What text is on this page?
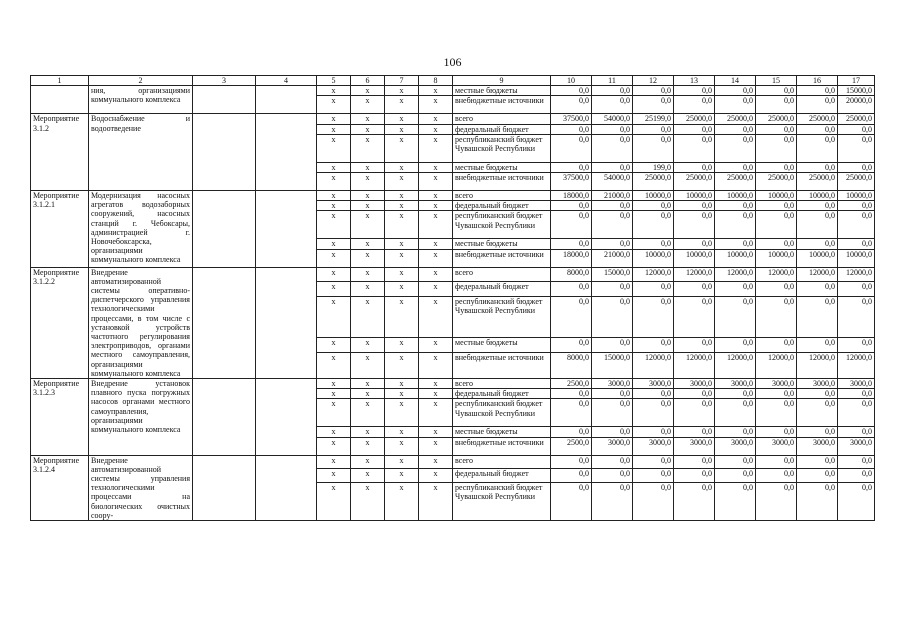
106
1	2	3	4	5	6	7	8	9	10	11	12	13	14	15	16	17
	ния, организациями коммунального комплекса			х	х	х	х	местные бюджеты	0,0	0,0	0,0	0,0	0,0	0,0	0,0	15000,0
				х	х	х	х	внебюджетные источники	0,0	0,0	0,0	0,0	0,0	0,0	0,0	20000,0
Мероприятие 3.1.2	Водоснабжение и водоотведение			х	х	х	х	всего	37500,0	54000,0	25199,0	25000,0	25000,0	25000,0	25000,0	25000,0
				х	х	х	х	федеральный бюджет	0,0	0,0	0,0	0,0	0,0	0,0	0,0	0,0
				х	х	х	х	республиканский бюджет Чувашской Республики	0,0	0,0	0,0	0,0	0,0	0,0	0,0	0,0
				х	х	х	х	местные бюджеты	0,0	0,0	199,0	0,0	0,0	0,0	0,0	0,0
				х	х	х	х	внебюджетные источники	37500,0	54000,0	25000,0	25000,0	25000,0	25000,0	25000,0	25000,0
Мероприятие 3.1.2.1	Модернизация насосных агрегатов водозаборных сооружений, насосных станций г. Чебоксары, администрацией г. Новочебоксарска, организациями коммунального комплекса			х	х	х	х	всего	18000,0	21000,0	10000,0	10000,0	10000,0	10000,0	10000,0	10000,0
				х	х	х	х	федеральный бюджет	0,0	0,0	0,0	0,0	0,0	0,0	0,0	0,0
				х	х	х	х	республиканский бюджет Чувашской Республики	0,0	0,0	0,0	0,0	0,0	0,0	0,0	0,0
				х	х	х	х	местные бюджеты	0,0	0,0	0,0	0,0	0,0	0,0	0,0	0,0
				х	х	х	х	внебюджетные источники	18000,0	21000,0	10000,0	10000,0	10000,0	10000,0	10000,0	10000,0
Мероприятие 3.1.2.2	Внедрение автоматизированной системы оперативно-диспетчерского управления технологическими процессами, в том числе с установкой устройств частотного регулирования электроприводов, органами местного самоуправления, организациями коммунального комплекса			х	х	х	х	всего	8000,0	15000,0	12000,0	12000,0	12000,0	12000,0	12000,0	12000,0
				х	х	х	х	федеральный бюджет	0,0	0,0	0,0	0,0	0,0	0,0	0,0	0,0
				х	х	х	х	республиканский бюджет Чувашской Республики	0,0	0,0	0,0	0,0	0,0	0,0	0,0	0,0
				х	х	х	х	местные бюджеты	0,0	0,0	0,0	0,0	0,0	0,0	0,0	0,0
				х	х	х	х	внебюджетные источники	8000,0	15000,0	12000,0	12000,0	12000,0	12000,0	12000,0	12000,0
Мероприятие 3.1.2.3	Внедрение установок плавного пуска погружных насосов органами местного самоуправления, организациями коммунального комплекса			х	х	х	х	всего	2500,0	3000,0	3000,0	3000,0	3000,0	3000,0	3000,0	3000,0
				х	х	х	х	федеральный бюджет	0,0	0,0	0,0	0,0	0,0	0,0	0,0	0,0
				х	х	х	х	республиканский бюджет Чувашской Республики	0,0	0,0	0,0	0,0	0,0	0,0	0,0	0,0
				х	х	х	х	местные бюджеты	0,0	0,0	0,0	0,0	0,0	0,0	0,0	0,0
				х	х	х	х	внебюджетные источники	2500,0	3000,0	3000,0	3000,0	3000,0	3000,0	3000,0	3000,0
Мероприятие 3.1.2.4	Внедрение автоматизированной системы управления технологическими процессами на биологических очистных соору-			х	х	х	х	всего	0,0	0,0	0,0	0,0	0,0	0,0	0,0	0,0
				х	х	х	х	федеральный бюджет	0,0	0,0	0,0	0,0	0,0	0,0	0,0	0,0
				х	х	х	х	республиканский бюджет Чувашской Республики	0,0	0,0	0,0	0,0	0,0	0,0	0,0	0,0
